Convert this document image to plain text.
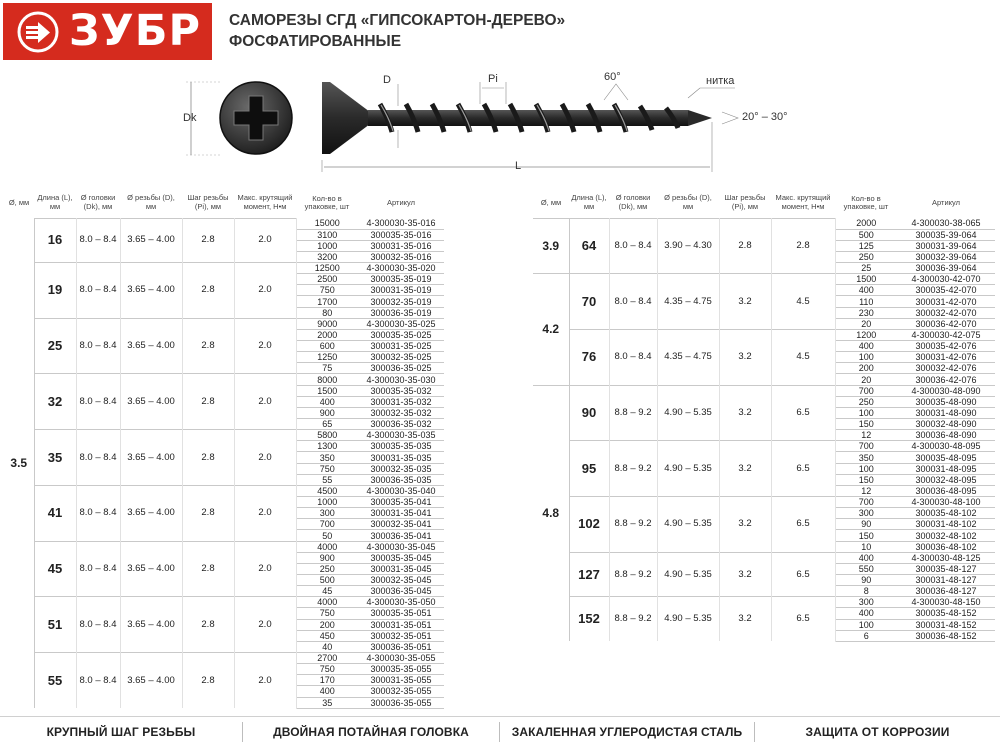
ЗУБР САМОРЕЗЫ СГД «ГИПСОКАРТОН-ДЕРЕВО»
ФОСФАТИРОВАННЫЕ
Dk
D	Pi	60°	нитка
20° – 30°
L
Ø, мм	Длина (L), мм	Ø головки (Dk), мм	Ø резьбы (D), мм	Шаг резьбы (Pi), мм	Макс. крутящий момент, Н•м	Кол-во в упаковке, шт	Артикул
3.5	16	8.0 – 8.4	3.65 – 4.00	2.8	2.0	15000	4-300030-35-016
						3100	300035-35-016
						1000	300031-35-016
						3200	300032-35-016
	19	8.0 – 8.4	3.65 – 4.00	2.8	2.0	12500	4-300030-35-020
						2500	300035-35-019
						750	300031-35-019
						1700	300032-35-019
						80	300036-35-019
	25	8.0 – 8.4	3.65 – 4.00	2.8	2.0	9000	4-300030-35-025
						2000	300035-35-025
						600	300031-35-025
						1250	300032-35-025
						75	300036-35-025
	32	8.0 – 8.4	3.65 – 4.00	2.8	2.0	8000	4-300030-35-030
						1500	300035-35-032
						400	300031-35-032
						900	300032-35-032
						65	300036-35-032
	35	8.0 – 8.4	3.65 – 4.00	2.8	2.0	5800	4-300030-35-035
						1300	300035-35-035
						350	300031-35-035
						750	300032-35-035
						55	300036-35-035
	41	8.0 – 8.4	3.65 – 4.00	2.8	2.0	4500	4-300030-35-040
						1000	300035-35-041
						300	300031-35-041
						700	300032-35-041
						50	300036-35-041
	45	8.0 – 8.4	3.65 – 4.00	2.8	2.0	4000	4-300030-35-045
						900	300035-35-045
						250	300031-35-045
						500	300032-35-045
						45	300036-35-045
	51	8.0 – 8.4	3.65 – 4.00	2.8	2.0	4000	4-300030-35-050
						750	300035-35-051
						200	300031-35-051
						450	300032-35-051
						40	300036-35-051
	55	8.0 – 8.4	3.65 – 4.00	2.8	2.0	2700	4-300030-35-055
						750	300035-35-055
						170	300031-35-055
						400	300032-35-055
						35	300036-35-055
Ø, мм	Длина (L), мм	Ø головки (Dk), мм	Ø резьбы (D), мм	Шаг резьбы (Pi), мм	Макс. крутящий момент, Н•м	Кол-во в упаковке, шт	Артикул
3.9	64	8.0 – 8.4	3.90 – 4.30	2.8	2.8	2000	4-300030-38-065
						500	300035-39-064
						125	300031-39-064
						250	300032-39-064
						25	300036-39-064
4.2	70	8.0 – 8.4	4.35 – 4.75	3.2	4.5	1500	4-300030-42-070
						400	300035-42-070
						110	300031-42-070
						230	300032-42-070
						20	300036-42-070
	76	8.0 – 8.4	4.35 – 4.75	3.2	4.5	1200	4-300030-42-075
						400	300035-42-076
						100	300031-42-076
						200	300032-42-076
						20	300036-42-076
4.8	90	8.8 – 9.2	4.90 – 5.35	3.2	6.5	700	4-300030-48-090
						250	300035-48-090
						100	300031-48-090
						150	300032-48-090
						12	300036-48-090
	95	8.8 – 9.2	4.90 – 5.35	3.2	6.5	700	4-300030-48-095
						350	300035-48-095
						100	300031-48-095
						150	300032-48-095
						12	300036-48-095
	102	8.8 – 9.2	4.90 – 5.35	3.2	6.5	700	4-300030-48-100
						300	300035-48-102
						90	300031-48-102
						150	300032-48-102
						10	300036-48-102
	127	8.8 – 9.2	4.90 – 5.35	3.2	6.5	400	4-300030-48-125
						550	300035-48-127
						90	300031-48-127
						8	300036-48-127
	152	8.8 – 9.2	4.90 – 5.35	3.2	6.5	300	4-300030-48-150
						400	300035-48-152
						100	300031-48-152
						6	300036-48-152
КРУПНЫЙ ШАГ РЕЗЬБЫ	ДВОЙНАЯ ПОТАЙНАЯ ГОЛОВКА	ЗАКАЛЕННАЯ УГЛЕРОДИСТАЯ СТАЛЬ	ЗАЩИТА ОТ КОРРОЗИИ
